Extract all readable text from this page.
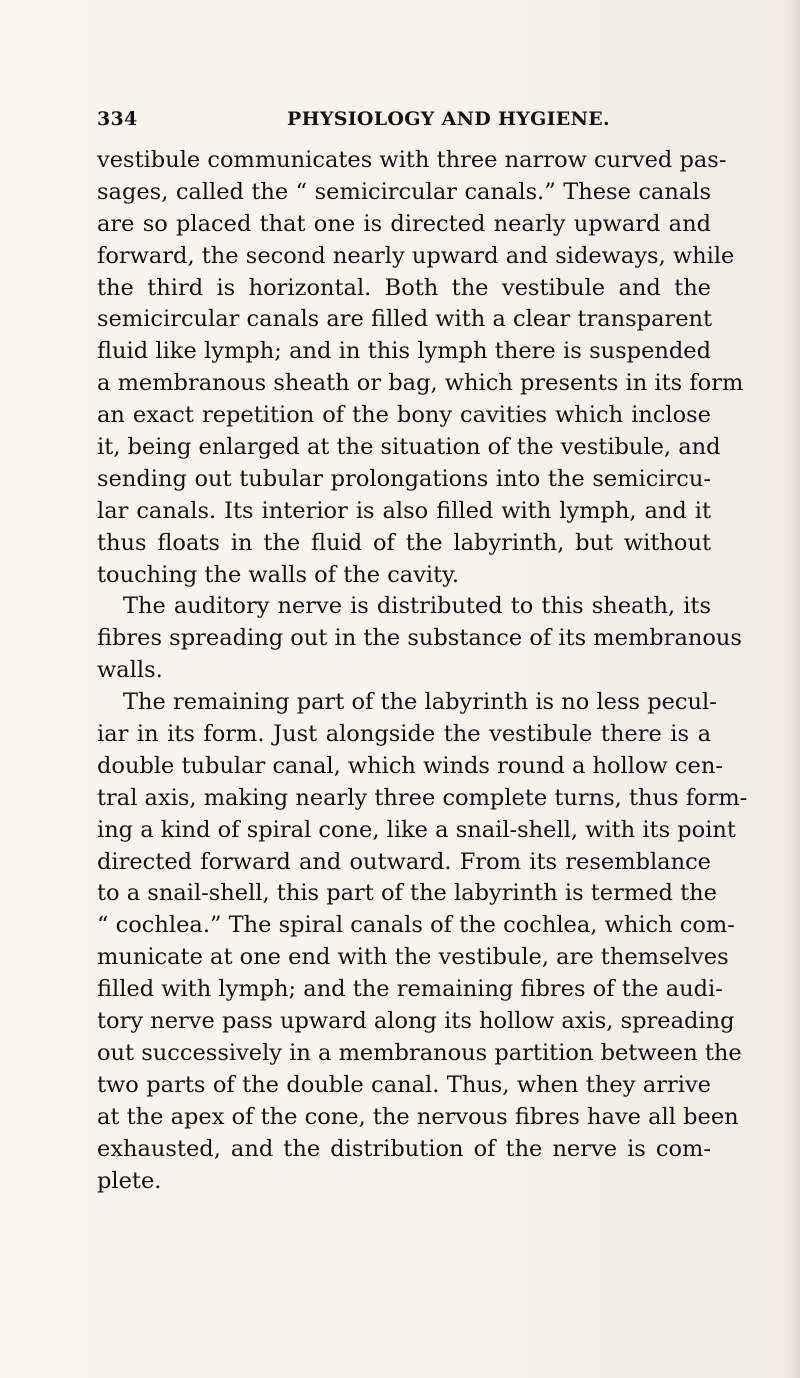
334	PHYSIOLOGY AND HYGIENE.
vestibule communicates with three narrow curved pas-
sages, called the “ semicircular canals.” These canals
are so placed that one is directed nearly upward and
forward, the second nearly upward and sideways, while
the third is horizontal. Both the vestibule and the
semicircular canals are filled with a clear transparent
fluid like lymph; and in this lymph there is suspended
a membranous sheath or bag, which presents in its form
an exact repetition of the bony cavities which inclose
it, being enlarged at the situation of the vestibule, and
sending out tubular prolongations into the semicircu-
lar canals. Its interior is also filled with lymph, and it
thus floats in the fluid of the labyrinth, but without
touching the walls of the cavity.
The auditory nerve is distributed to this sheath, its
fibres spreading out in the substance of its membranous
walls.
The remaining part of the labyrinth is no less pecul-
iar in its form. Just alongside the vestibule there is a
double tubular canal, which winds round a hollow cen-
tral axis, making nearly three complete turns, thus form-
ing a kind of spiral cone, like a snail-shell, with its point
directed forward and outward. From its resemblance
to a snail-shell, this part of the labyrinth is termed the
“ cochlea.” The spiral canals of the cochlea, which com-
municate at one end with the vestibule, are themselves
filled with lymph; and the remaining fibres of the audi-
tory nerve pass upward along its hollow axis, spreading
out successively in a membranous partition between the
two parts of the double canal. Thus, when they arrive
at the apex of the cone, the nervous fibres have all been
exhausted, and the distribution of the nerve is com-
plete.
